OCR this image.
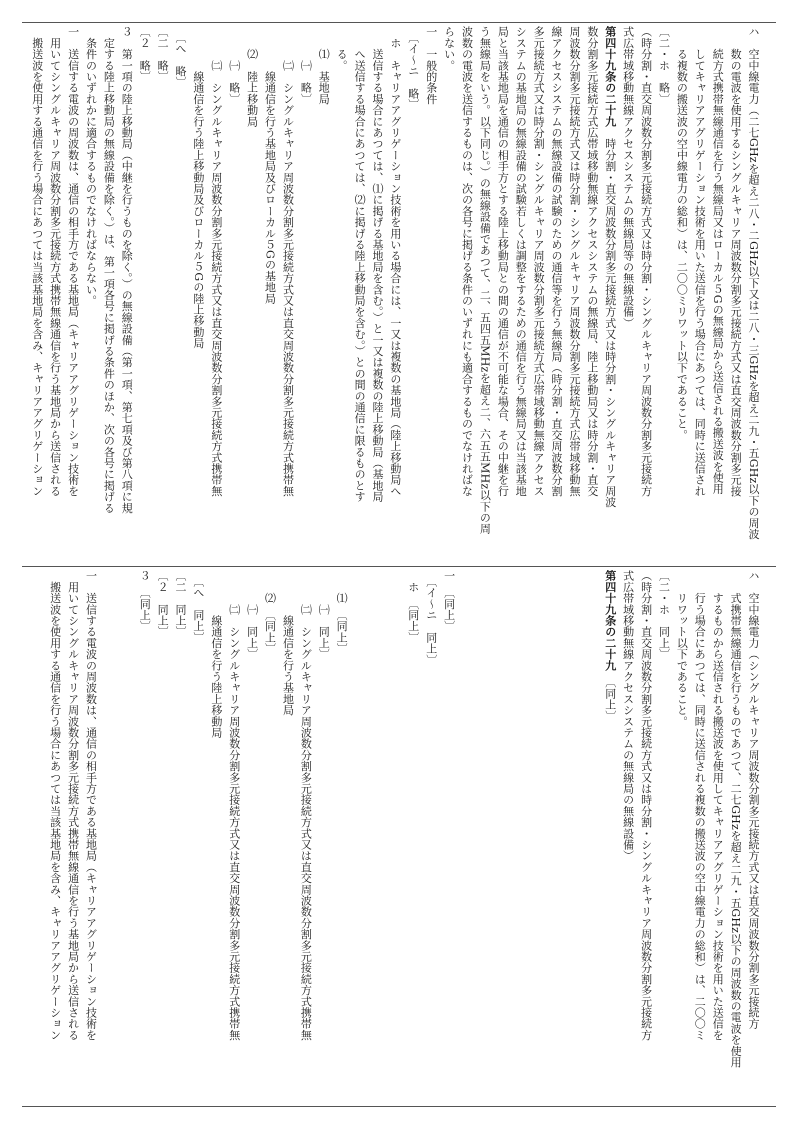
ハ　空中線電力（二七GHzを超え二八・二GHz以下又は二八・三GHzを超え二九・五GHz以下の周波
　　数の電波を使用するシングルキャリア周波数分割多元接続方式又は直交周波数分割多元接
　　続方式携帯無線通信を行う無線局又はローカル５Gの無線局から送信される搬送波を使用
　　してキャリアアグリゲーション技術を用いた送信を行う場合にあつては、同時に送信され
　　る複数の搬送波の空中線電力の総和）は、二〇〇ミリワット以下であること。
〔二・ホ　略〕
（時分割・直交周波数分割多元接続方式又は時分割・シングルキャリア周波数分割多元接続方
式広帯域移動無線アクセスシステムの無線局等の無線設備）
第四十九条の二十九　時分割・直交周波数分割多元接続方式又は時分割・シングルキャリア周波
数分割多元接続方式広帯域移動無線アクセスシステムの無線局、陸上移動局又は時分割・直交
周波数分割多元接続方式又は時分割・シングルキャリア周波数分割多元接続方式広帯域移動無
線アクセスシステムの無線設備の試験のための通信等を行う無線局（時分割・直交周波数分割
多元接続方式又は時分割・シングルキャリア周波数分割多元接続方式広帯域移動無線アクセス
システムの基地局の無線設備の試験若しくは調整をするための通信を行う無線局又は当該基地
局と当該基地局を通信の相手方とする陸上移動局との間の通信が不可能な場合、その中継を行
う無線局をいう。以下同じ。）の無線設備であつて、二、五四五MHzを超え二、六五五MHz以下の周
波数の電波を送信するものは、次の各号に掲げる条件のいずれにも適合するものでなければな
らない。
一　一般的条件
　〔イ～ニ　略〕
　ホ　キャリアアグリゲーション技術を用いる場合には、一又は複数の基地局（陸上移動局へ
　　送信する場合にあつては、⑴に掲げる基地局を含む。）と一又は複数の陸上移動局（基地局
　　へ送信する場合にあつては、⑵に掲げる陸上移動局を含む。）との間の通信に限るものとす
　　る。
　　⑴　基地局
　　　㈠　略〕
　　　㈡　シングルキャリア周波数分割多元接続方式又は直交周波数分割多元接続方式携帯無
　　　　線通信を行う基地局及びローカル５Gの基地局
　　⑵　陸上移動局
　　　㈠　略〕
　　　㈡　シングルキャリア周波数分割多元接続方式又は直交周波数分割多元接続方式携帯無
　　　　線通信を行う陸上移動局及びローカル５Gの陸上移動局
　〔へ　略〕
〔二　略〕
〔２　略〕
３　第一項の陸上移動局（中継を行うものを除く。）の無線設備（第一項、第七項及び第八項に規
　定する陸上移動局の無線設備を除く。）は、第一項各号に掲げる条件のほか、次の各号に掲げる
　条件のいずれかに適合するものでなければならない。
一　送信する電波の周波数は、通信の相手方である基地局（キャリアアグリゲーション技術を
　用いてシングルキャリア周波数分割多元接続方式携帯無線通信を行う基地局から送信される
　搬送波を使用する通信を行う場合にあつては当該基地局を含み、キャリアアグリゲーション
ハ　空中線電力（シングルキャリア周波数分割多元接続方式又は直交周波数分割多元接続方
　　式携帯無線通信を行うものであつて、二七GHzを超え二九・五GHz以下の周波数の電波を使用
　　するものから送信される搬送波を使用してキャリアアグリゲーション技術を用いた送信を
　　行う場合にあつては、同時に送信される複数の搬送波の空中線電力の総和）は、二〇〇ミ
　　リワット以下であること。
〔二・ホ　同上〕
（時分割・直交周波数分割多元接続方式又は時分割・シングルキャリア周波数分割多元接続方
式広帯域移動無線アクセスシステムの無線局の無線設備）
第四十九条の二十九　〔同上〕

一　〔同上〕
　〔イ～ニ　同上〕
　ホ　〔同上〕

　　⑴　〔同上〕
　　　㈠　同上〕
　　　㈡　シングルキャリア周波数分割多元接続方式又は直交周波数分割多元接続方式携帯無
　　　　線通信を行う基地局
　　⑵　〔同上〕
　　　㈠　同上〕
　　　㈡　シングルキャリア周波数分割多元接続方式又は直交周波数分割多元接続方式携帯無
　　　　線通信を行う陸上移動局
　〔へ　同上〕
〔二　同上〕
〔２　同上〕
３　〔同上〕

一　送信する電波の周波数は、通信の相手方である基地局（キャリアアグリゲーション技術を
　用いてシングルキャリア周波数分割多元接続方式携帯無線通信を行う基地局から送信される
　搬送波を使用する通信を行う場合にあつては当該基地局を含み、キャリアアグリゲーション
